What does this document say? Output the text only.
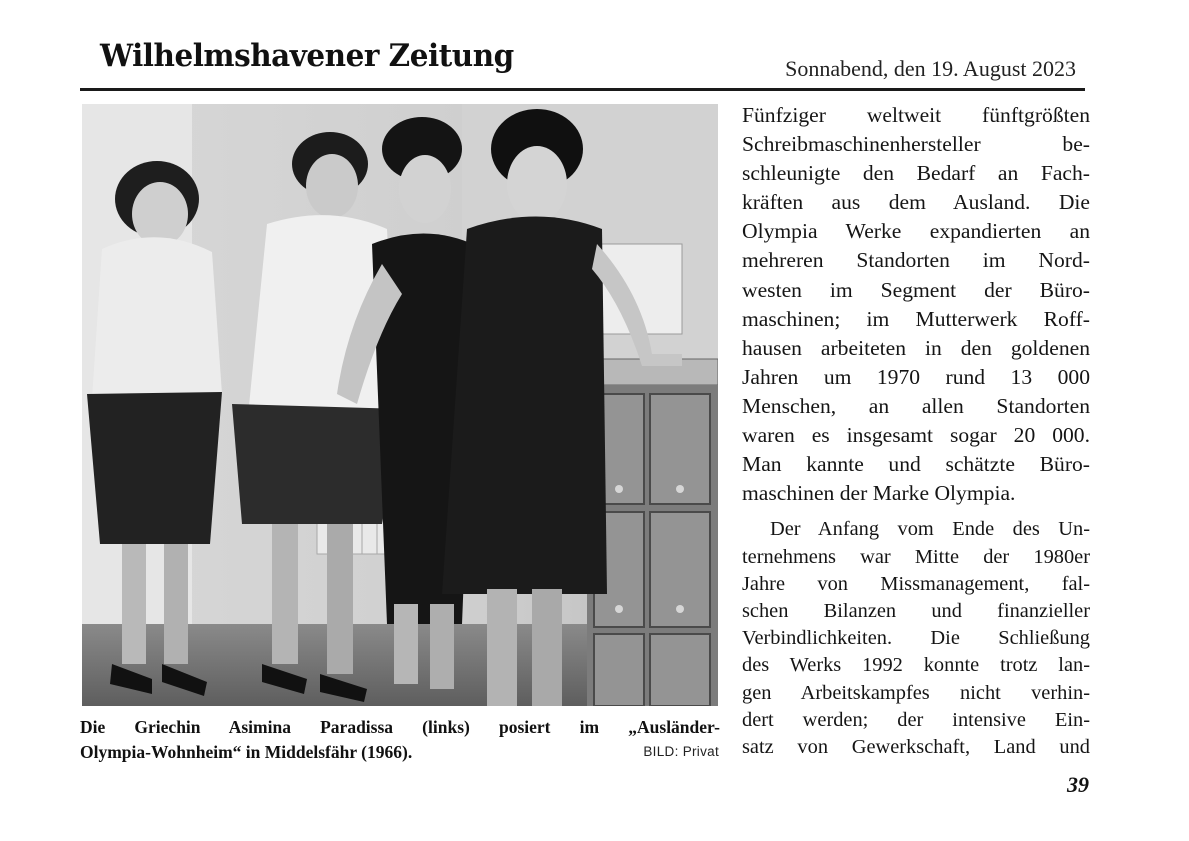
Wilhelmshavener Zeitung	Sonnabend, den 19. August 2023
Die Griechin Asimina Paradissa (links) posiert im „Ausländer-
Olympia-Wohnheim“ in Middelsfähr (1966).	BILD: Privat
Fünfziger weltweit fünftgrößten
Schreibmaschinenhersteller be-
schleunigte den Bedarf an Fach-
kräften aus dem Ausland. Die
Olympia Werke expandierten an
mehreren Standorten im Nord-
westen im Segment der Büro-
maschinen; im Mutterwerk Roff-
hausen arbeiteten in den goldenen
Jahren um 1970 rund 13 000
Menschen, an allen Standorten
waren es insgesamt sogar 20 000.
Man kannte und schätzte Büro-
maschinen der Marke Olympia.
Der Anfang vom Ende des Un-
ternehmens war Mitte der 1980er
Jahre von Missmanagement, fal-
schen Bilanzen und finanzieller
Verbindlichkeiten. Die Schließung
des Werks 1992 konnte trotz lan-
gen Arbeitskampfes nicht verhin-
dert werden; der intensive Ein-
satz von Gewerkschaft, Land und
39
